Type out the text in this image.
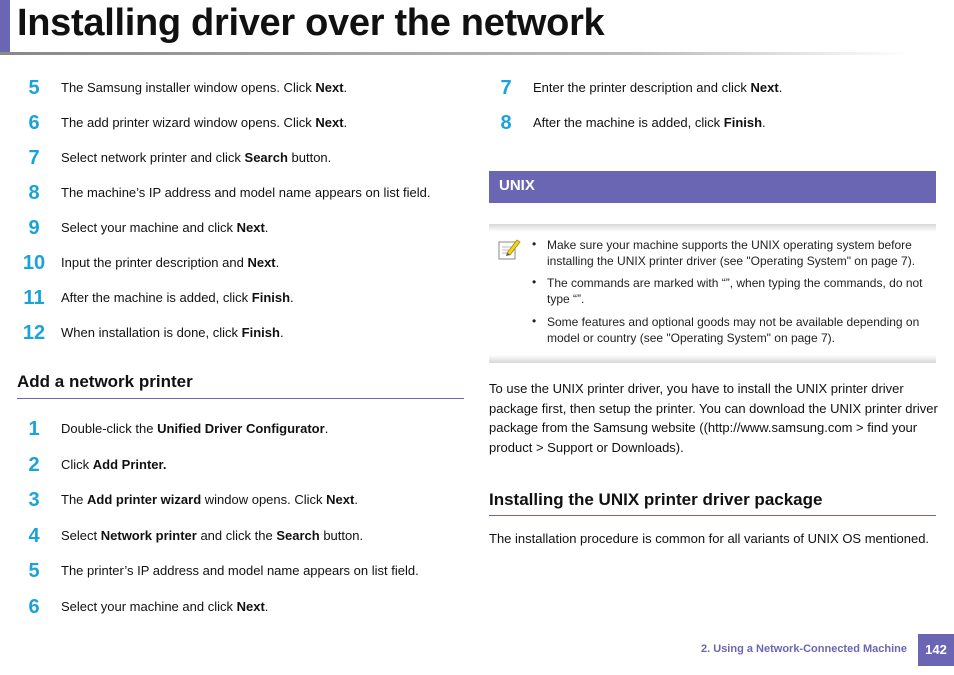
Installing driver over the network
5	The Samsung installer window opens. Click Next.
6	The add printer wizard window opens. Click Next.
7	Select network printer and click Search button.
8	The machine’s IP address and model name appears on list field.
9	Select your machine and click Next.
10 Input the printer description and Next.
11	After the machine is added, click Finish.
12 When installation is done, click Finish.
Add a network printer
1	Double-click the Unified Driver Configurator.
2	Click Add Printer.
3	The Add printer wizard window opens. Click Next.
4	Select Network printer and click the Search button.
5	The printer’s IP address and model name appears on list field.
6	Select your machine and click Next.
7	Enter the printer description and click Next.
8	After the machine is added, click Finish.
UNIX
• Make sure your machine supports the UNIX operating system before installing the UNIX printer driver (see "Operating System" on page 7).
• The commands are marked with “”, when typing the commands, do not type “”.
• Some features and optional goods may not be available depending on model or country (see "Operating System" on page 7).
To use the UNIX printer driver, you have to install the UNIX printer driver package first, then setup the printer. You can download the UNIX printer driver package from the Samsung website ((http://www.samsung.com > find your product > Support or Downloads).
Installing the UNIX printer driver package
The installation procedure is common for all variants of UNIX OS mentioned.
2. Using a Network-Connected Machine	142
